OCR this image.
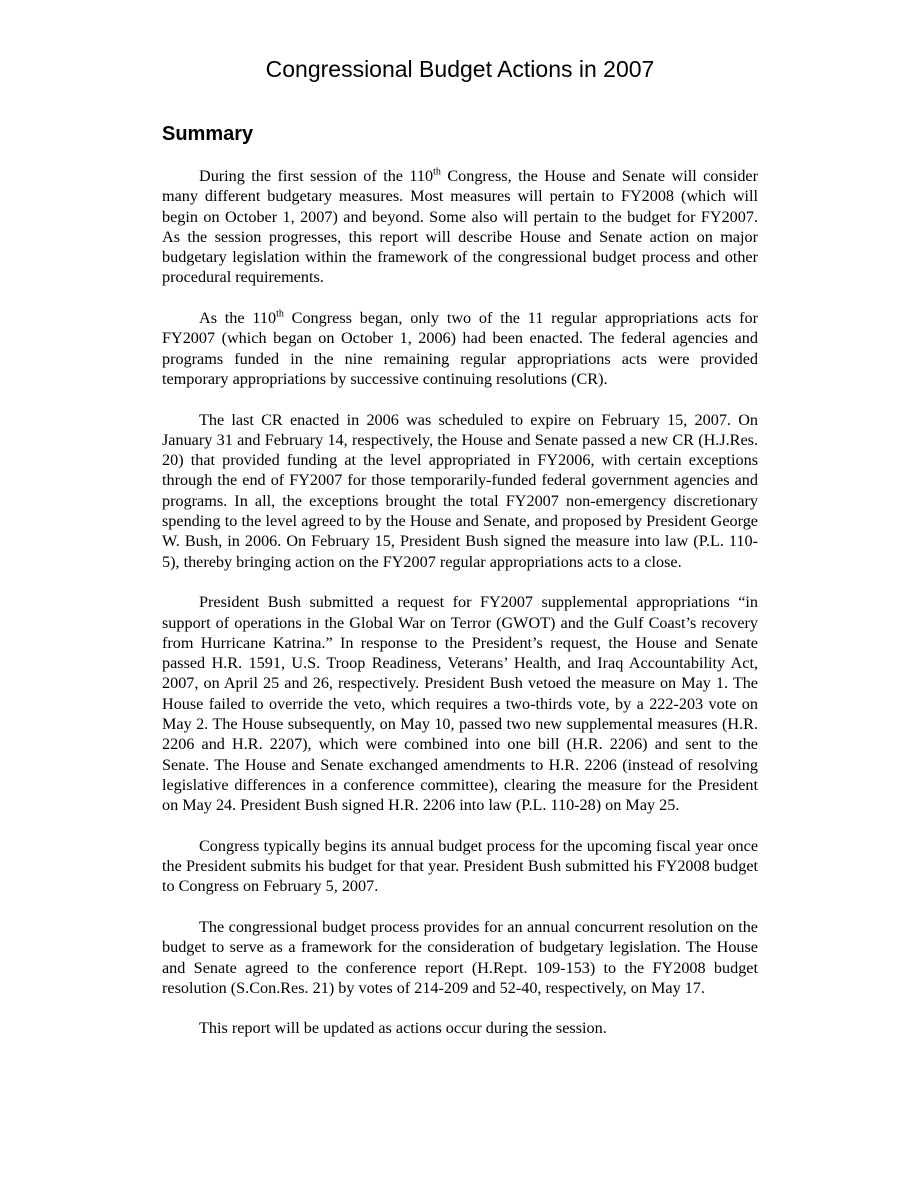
Congressional Budget Actions in 2007
Summary

During the first session of the 110th Congress, the House and Senate will consider many different budgetary measures. Most measures will pertain to FY2008 (which will begin on October 1, 2007) and beyond. Some also will pertain to the budget for FY2007. As the session progresses, this report will describe House and Senate action on major budgetary legislation within the framework of the congressional budget process and other procedural requirements.

As the 110th Congress began, only two of the 11 regular appropriations acts for FY2007 (which began on October 1, 2006) had been enacted. The federal agencies and programs funded in the nine remaining regular appropriations acts were provided temporary appropriations by successive continuing resolutions (CR).

The last CR enacted in 2006 was scheduled to expire on February 15, 2007. On January 31 and February 14, respectively, the House and Senate passed a new CR (H.J.Res. 20) that provided funding at the level appropriated in FY2006, with certain exceptions through the end of FY2007 for those temporarily-funded federal government agencies and programs. In all, the exceptions brought the total FY2007 non-emergency discretionary spending to the level agreed to by the House and Senate, and proposed by President George W. Bush, in 2006. On February 15, President Bush signed the measure into law (P.L. 110-5), thereby bringing action on the FY2007 regular appropriations acts to a close.

President Bush submitted a request for FY2007 supplemental appropriations “in support of operations in the Global War on Terror (GWOT) and the Gulf Coast’s recovery from Hurricane Katrina.” In response to the President’s request, the House and Senate passed H.R. 1591, U.S. Troop Readiness, Veterans’ Health, and Iraq Accountability Act, 2007, on April 25 and 26, respectively. President Bush vetoed the measure on May 1. The House failed to override the veto, which requires a two-thirds vote, by a 222-203 vote on May 2. The House subsequently, on May 10, passed two new supplemental measures (H.R. 2206 and H.R. 2207), which were combined into one bill (H.R. 2206) and sent to the Senate. The House and Senate exchanged amendments to H.R. 2206 (instead of resolving legislative differences in a conference committee), clearing the measure for the President on May 24. President Bush signed H.R. 2206 into law (P.L. 110-28) on May 25.

Congress typically begins its annual budget process for the upcoming fiscal year once the President submits his budget for that year. President Bush submitted his FY2008 budget to Congress on February 5, 2007.

The congressional budget process provides for an annual concurrent resolution on the budget to serve as a framework for the consideration of budgetary legislation. The House and Senate agreed to the conference report (H.Rept. 109-153) to the FY2008 budget resolution (S.Con.Res. 21) by votes of 214-209 and 52-40, respectively, on May 17.

This report will be updated as actions occur during the session.
